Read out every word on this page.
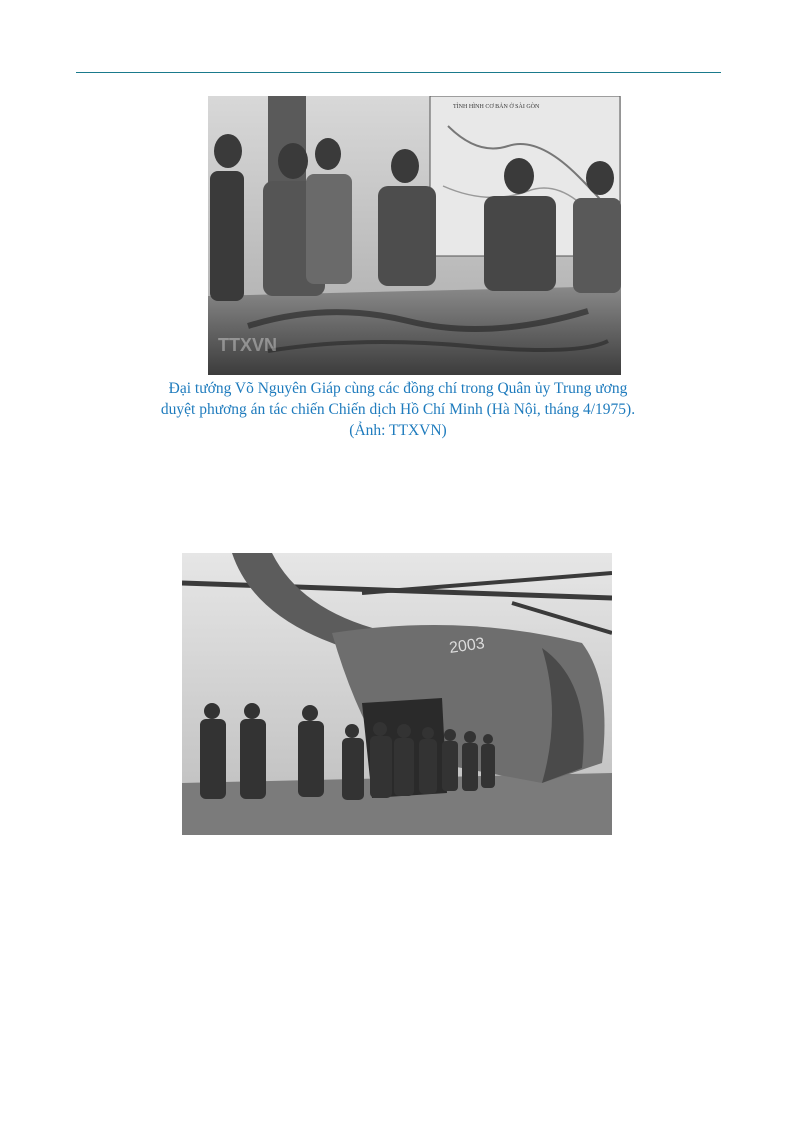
TÌNH HÌNH CƠ BẢN Ở SÀI GÒN
TTXVN
Đại tướng Võ Nguyên Giáp cùng các đồng chí trong Quân ủy Trung ương
duyệt phương án tác chiến Chiến dịch Hồ Chí Minh (Hà Nội, tháng 4/1975).
(Ảnh: TTXVN)
2003
